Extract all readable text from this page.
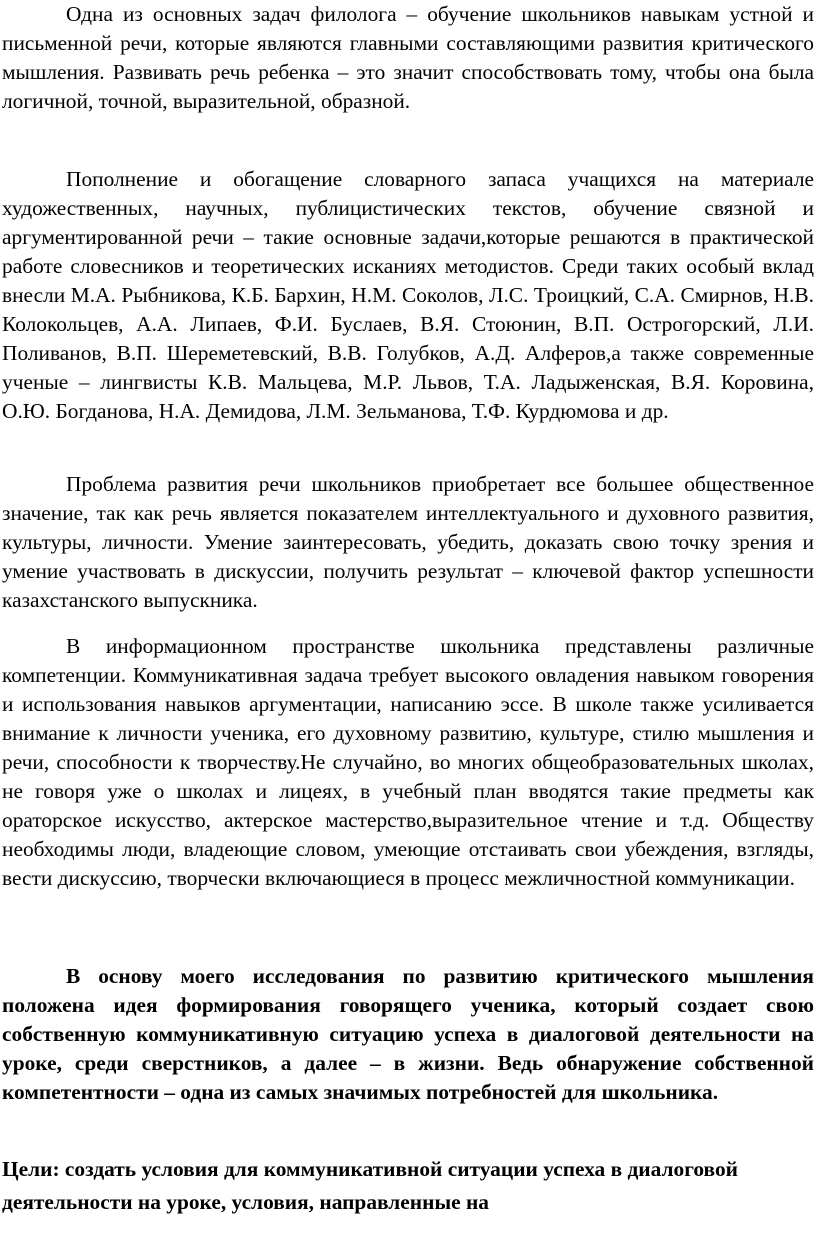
Одна из основных задач филолога – обучение школьников навыкам устной и письменной речи, которые являются главными составляющими развития критического мышления. Развивать речь ребенка – это значит способствовать тому, чтобы она была логичной, точной, выразительной, образной.

Пополнение и обогащение словарного запаса учащихся на материале художественных, научных, публицистических текстов, обучение связной и аргументированной речи – такие основные задачи,которые решаются в практической работе словесников и теоретических исканиях методистов. Среди таких особый вклад внесли М.А. Рыбникова, К.Б. Бархин, Н.М. Соколов, Л.С. Троицкий, С.А. Смирнов, Н.В. Колокольцев, А.А. Липаев, Ф.И. Буслаев, В.Я. Стоюнин, В.П. Острогорский, Л.И. Поливанов, В.П. Шереметевский, В.В. Голубков, А.Д. Алферов,а также современные ученые – лингвисты К.В. Мальцева, М.Р. Львов, Т.А. Ладыженская, В.Я. Коровина, О.Ю. Богданова, Н.А. Демидова, Л.М. Зельманова, Т.Ф. Курдюмова и др.

Проблема развития речи школьников приобретает все большее общественное значение, так как речь является показателем интеллектуального и духовного развития, культуры, личности. Умение заинтересовать, убедить, доказать свою точку зрения и умение участвовать в дискуссии, получить результат – ключевой фактор успешности казахстанского выпускника.

В информационном пространстве школьника представлены различные компетенции. Коммуникативная задача требует высокого овладения навыком говорения и использования навыков аргументации, написанию эссе. В школе также усиливается внимание к личности ученика, его духовному развитию, культуре, стилю мышления и речи, способности к творчеству.Не случайно, во многих общеобразовательных школах, не говоря уже о школах и лицеях, в учебный план вводятся такие предметы как ораторское искусство, актерское мастерство,выразительное чтение и т.д. Обществу необходимы люди, владеющие словом, умеющие отстаивать свои убеждения, взгляды, вести дискуссию, творчески включающиеся в процесс межличностной коммуникации.

В основу моего исследования по развитию критического мышления положена идея формирования говорящего ученика, который создает свою собственную коммуникативную ситуацию успеха в диалоговой деятельности на уроке, среди сверстников, а далее – в жизни. Ведь обнаружение собственной компетентности – одна из самых значимых потребностей для школьника.

Цели: создать условия для коммуникативной ситуации успеха в диалоговой деятельности на уроке, условия, направленные на
